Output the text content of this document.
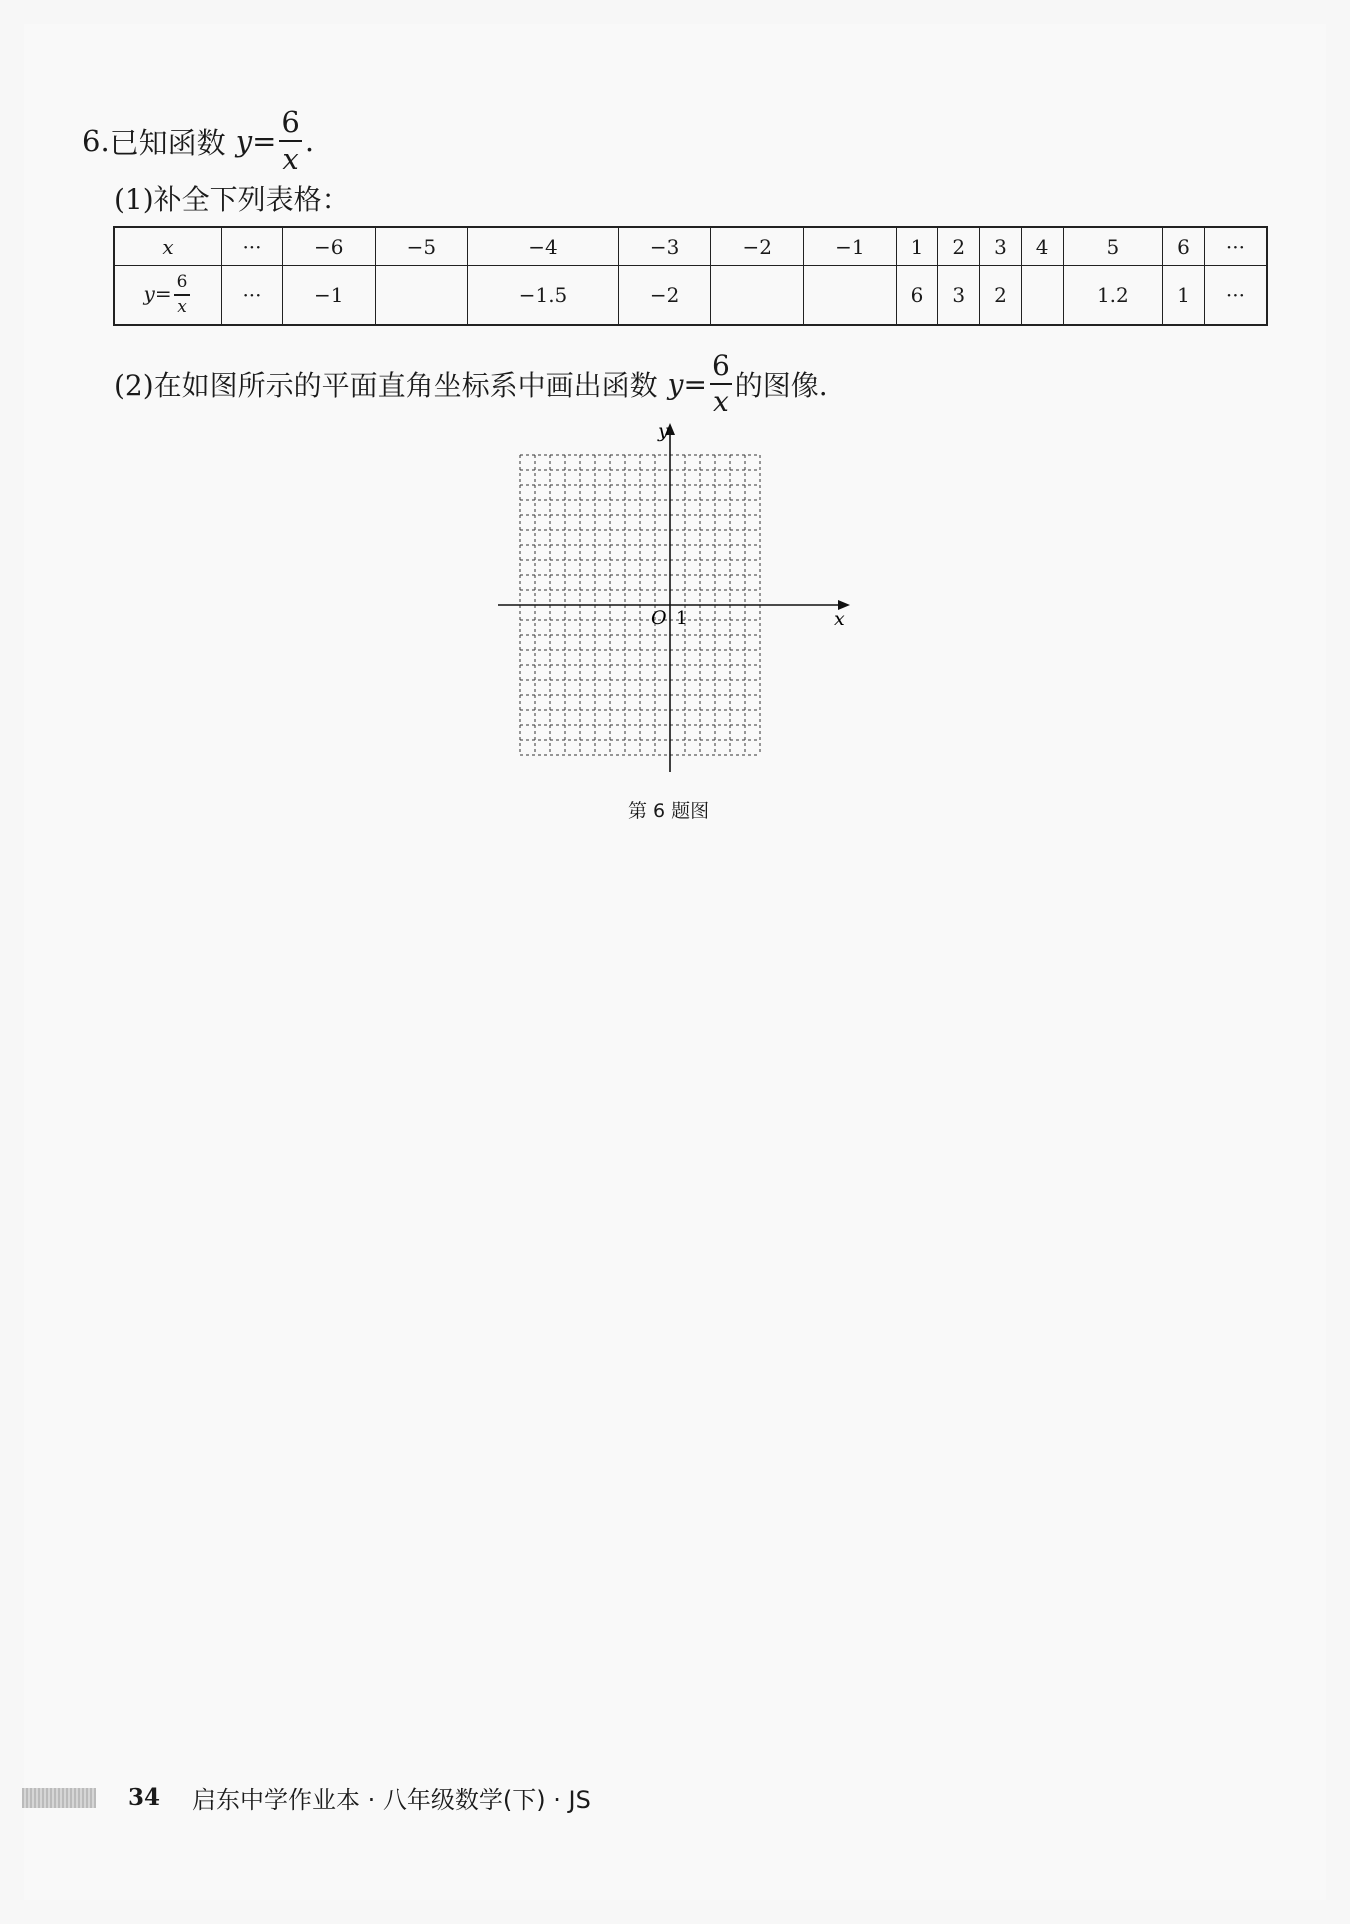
6. 已知函数 $y= \frac{6}{x}$ .
(1)补全下列表格：
x	···	−6	−5	−4	−3	−2	−1	1	2	3	4	5	6	···
$y= \frac{6}{x}$	···	−1		−1.5	−2			6	3	2		1.2	1	···
(2)在如图所示的平面直角坐标系中画出函数 $y= \frac{6}{x}$ 的图像.
y
x
O 1
第 6 题图
34 启东中学作业本 · 八年级数学(下) · JS
